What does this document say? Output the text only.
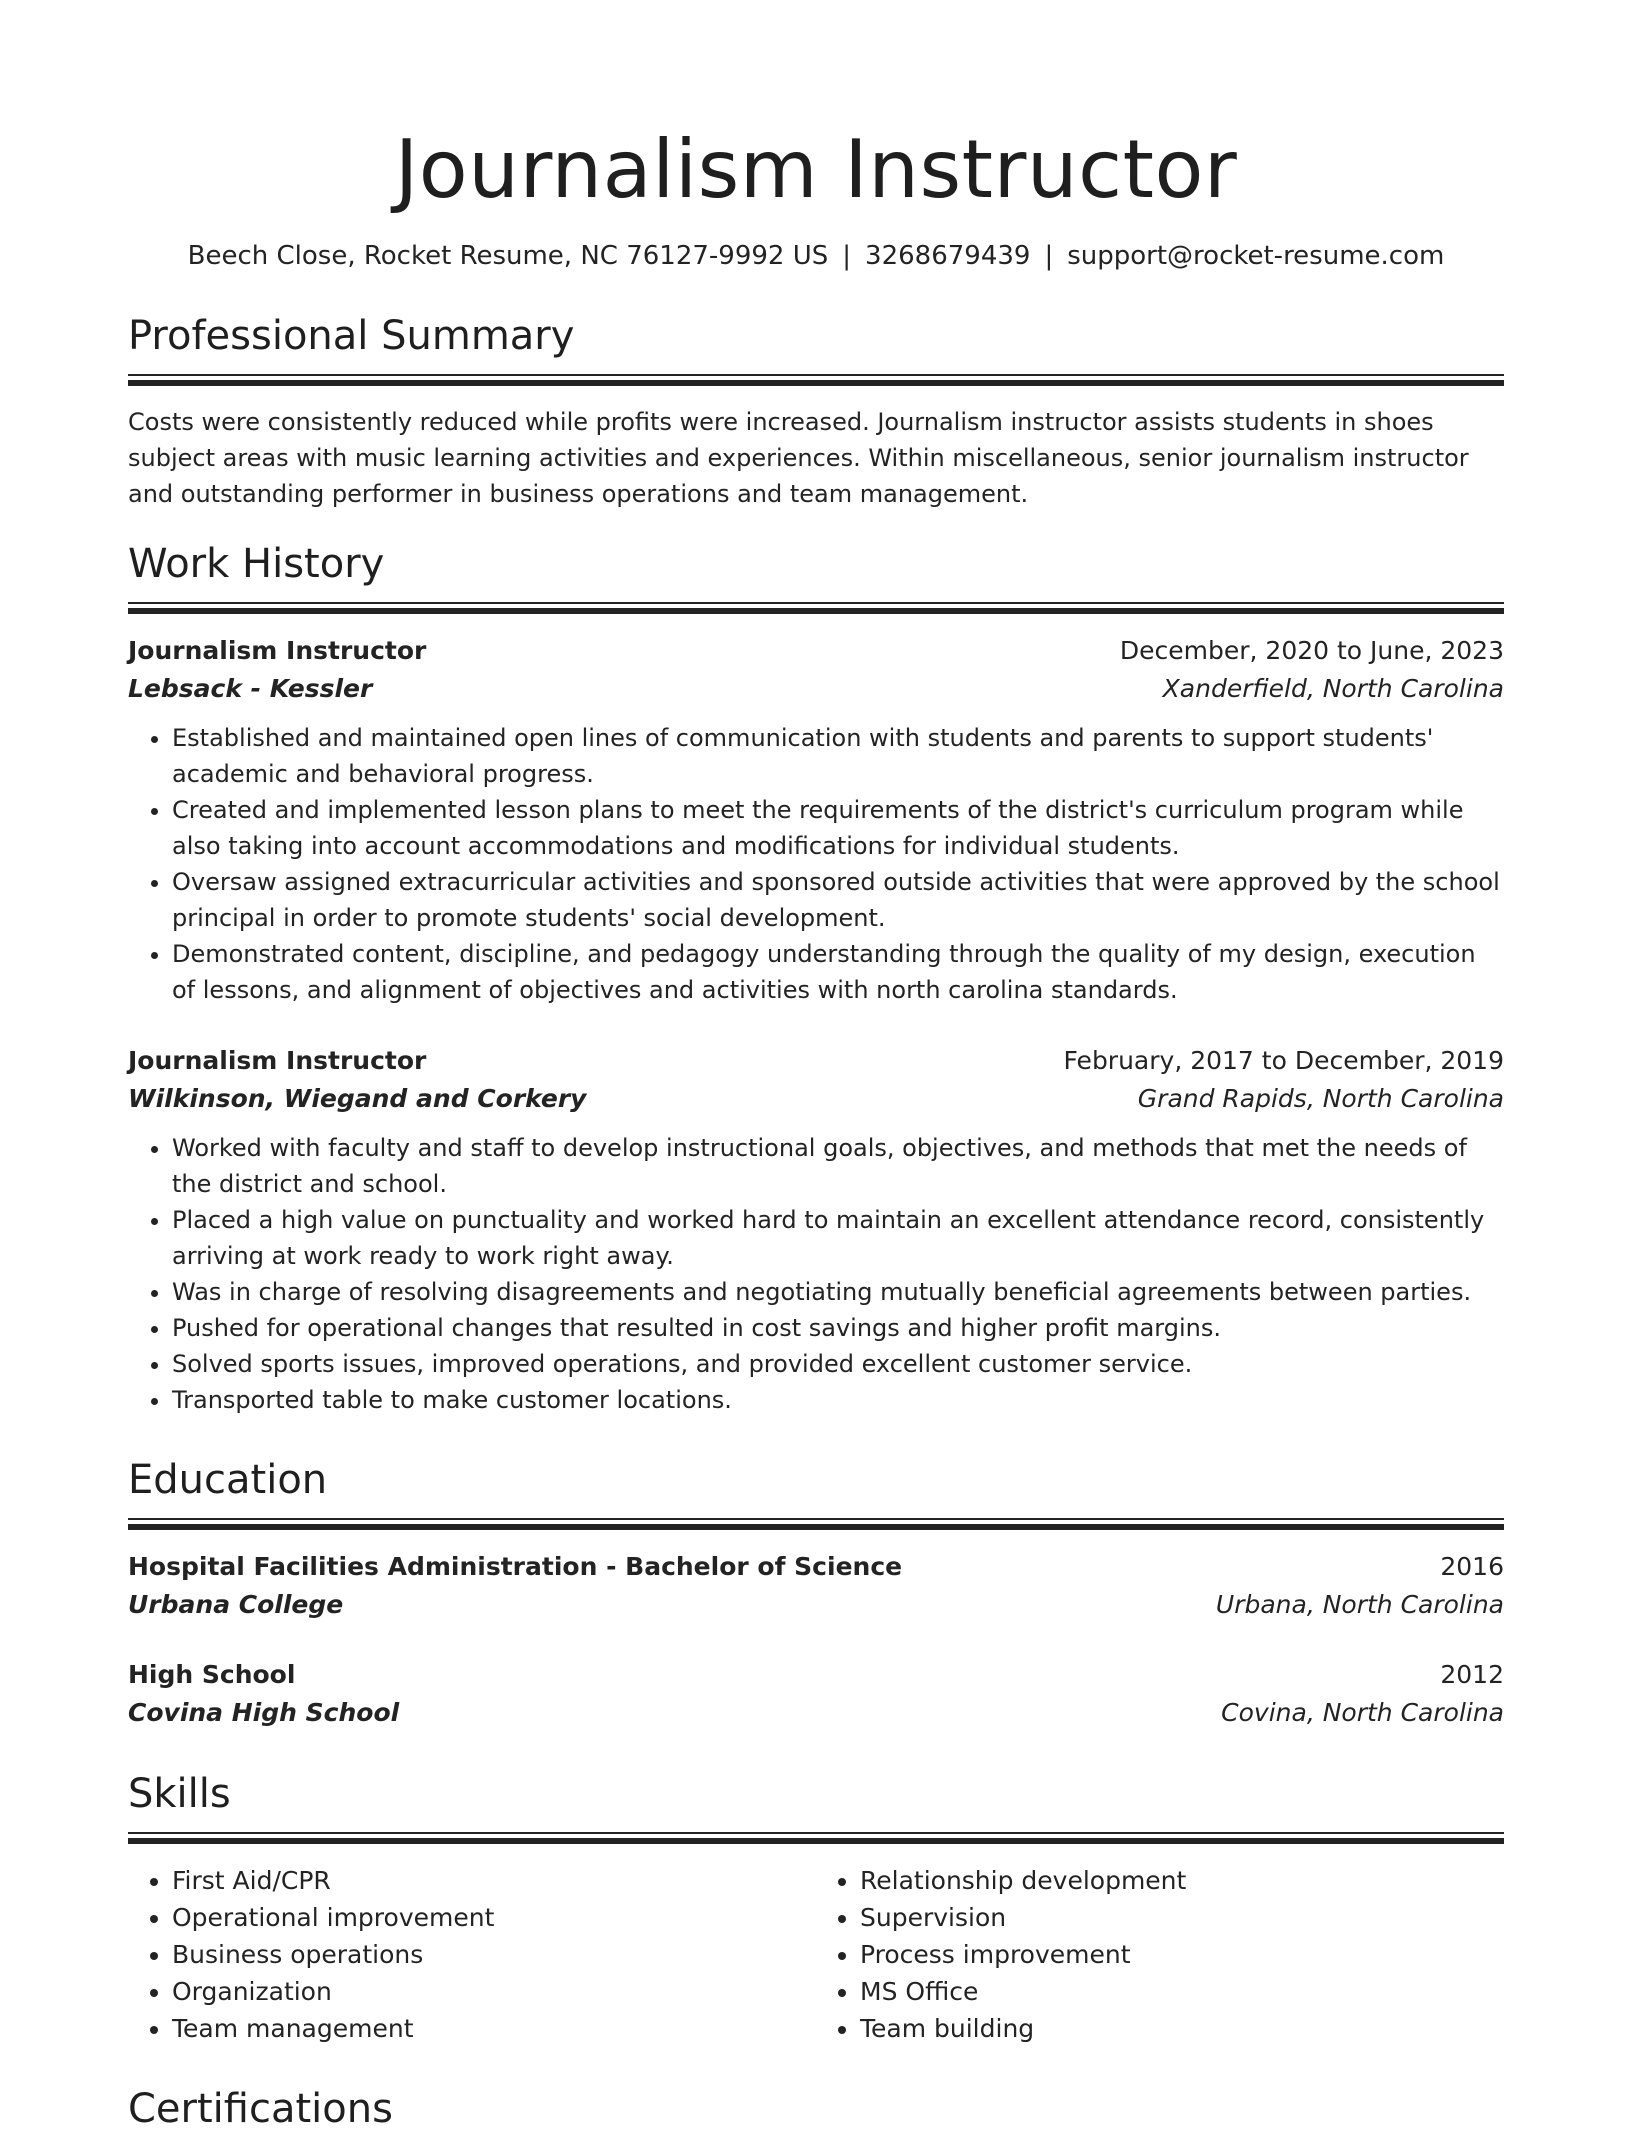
Journalism Instructor
Beech Close, Rocket Resume, NC 76127-9992 US | 3268679439 | support@rocket-resume.com
Professional Summary

Costs were consistently reduced while profits were increased. Journalism instructor assists students in shoes subject areas with music learning activities and experiences. Within miscellaneous, senior journalism instructor and outstanding performer in business operations and team management.

Work History
Journalism Instructor	December, 2020 to June, 2023
Lebsack - Kessler	Xanderfield, North Carolina
• Established and maintained open lines of communication with students and parents to support students' academic and behavioral progress.
• Created and implemented lesson plans to meet the requirements of the district's curriculum program while also taking into account accommodations and modifications for individual students.
• Oversaw assigned extracurricular activities and sponsored outside activities that were approved by the school principal in order to promote students' social development.
• Demonstrated content, discipline, and pedagogy understanding through the quality of my design, execution of lessons, and alignment of objectives and activities with north carolina standards.
Journalism Instructor	February, 2017 to December, 2019
Wilkinson, Wiegand and Corkery	Grand Rapids, North Carolina
• Worked with faculty and staff to develop instructional goals, objectives, and methods that met the needs of the district and school.
• Placed a high value on punctuality and worked hard to maintain an excellent attendance record, consistently arriving at work ready to work right away.
• Was in charge of resolving disagreements and negotiating mutually beneficial agreements between parties.
• Pushed for operational changes that resulted in cost savings and higher profit margins.
• Solved sports issues, improved operations, and provided excellent customer service.
• Transported table to make customer locations.
Education
Hospital Facilities Administration - Bachelor of Science	2016
Urbana College	Urbana, North Carolina
High School	2012
Covina High School	Covina, North Carolina
Skills
• First Aid/CPR
• Operational improvement
• Business operations
• Organization
• Team management
• Relationship development
• Supervision
• Process improvement
• MS Office
• Team building
Certifications
